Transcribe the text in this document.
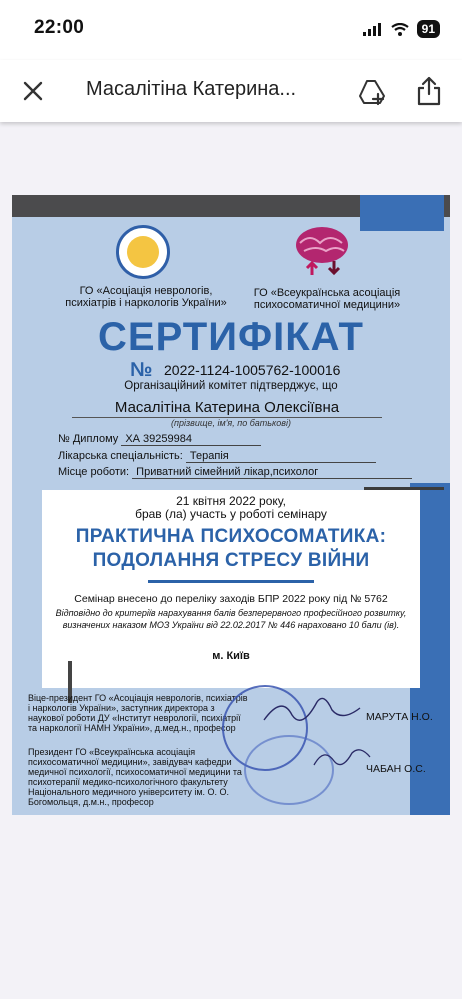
22:00	91
Масалітіна Катерина...
ГО «Асоціація неврологів, психіатрів і наркологів України»
ГО «Всеукраїнська асоціація психосоматичної медицини»
СЕРТИФІКАТ
№ 2022-1124-1005762-100016
Організаційний комітет підтверджує, що
Масалітіна Катерина Олексіївна
(прізвище, ім'я, по батькові)
№ Диплому ХА 39259984
Лікарська спеціальність: Терапія
Місце роботи: Приватний сімейний лікар,психолог
21 квітня 2022 року,
брав (ла) участь у роботі семінару
ПРАКТИЧНА ПСИХОСОМАТИКА:
ПОДОЛАННЯ СТРЕСУ ВІЙНИ
Семінар внесено до переліку заходів БПР 2022 року під № 5762
Відповідно до критеріїв нарахування балів безперервного професійного розвитку, визначених наказом МОЗ України від 22.02.2017 № 446 нараховано 10 бали (ів).
м. Київ
Віце-президент ГО «Асоціація неврологів, психіатрів і наркологів України», заступник директора з наукової роботи ДУ «Інститут неврології, психіатрії та наркології НАМН України», д.мед.н., професор
МАРУТА Н.О.
Президент ГО «Всеукраїнська асоціація психосоматичної медицини», завідувач кафедри медичної психології, психосоматичної медицини та психотерапії медико-психологічного факультету Національного медичного університету ім. О. О. Богомольця, д.м.н., професор
ЧАБАН О.С.
